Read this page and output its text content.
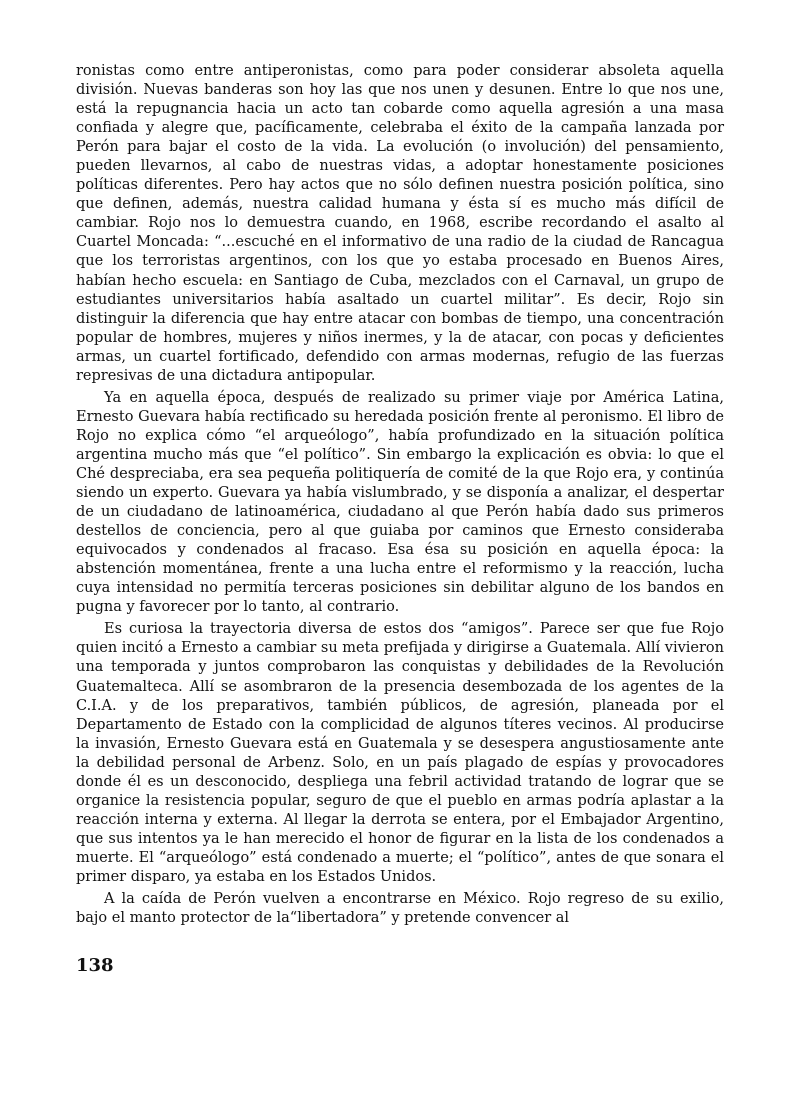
ronistas como entre antiperonistas, como para poder considerar absoleta aquella división. Nuevas banderas son hoy las que nos unen y desunen. Entre lo que nos une, está la repugnancia hacia un acto tan cobarde como aquella agresión a una masa confiada y alegre que, pacíficamente, celebraba el éxito de la campaña lanzada por Perón para bajar el costo de la vida. La evolución (o involución) del pensamiento, pueden llevarnos, al cabo de nuestras vidas, a adoptar honestamente posiciones políticas diferentes. Pero hay actos que no sólo definen nuestra posición política, sino que definen, además, nuestra calidad humana y ésta sí es mucho más difícil de cambiar. Rojo nos lo demuestra cuando, en 1968, escribe recordando el asalto al Cuartel Moncada: “...escuché en el informativo de una radio de la ciudad de Rancagua que los terroristas argentinos, con los que yo estaba procesado en Buenos Aires, habían hecho escuela: en Santiago de Cuba, mezclados con el Carnaval, un grupo de estudiantes universitarios había asaltado un cuartel militar”. Es decir, Rojo sin distinguir la diferencia que hay entre atacar con bombas de tiempo, una concentración popular de hombres, mujeres y niños inermes, y la de atacar, con pocas y deficientes armas, un cuartel fortificado, defendido con armas modernas, refugio de las fuerzas represivas de una dictadura antipopular.

Ya en aquella época, después de realizado su primer viaje por América Latina, Ernesto Guevara había rectificado su heredada posición frente al peronismo. El libro de Rojo no explica cómo “el arqueólogo”, había profundizado en la situación política argentina mucho más que “el político”. Sin embargo la explicación es obvia: lo que el Ché despreciaba, era sea pequeña politiquería de comité de la que Rojo era, y continúa siendo un experto. Guevara ya había vislumbrado, y se disponía a analizar, el despertar de un ciudadano de latinoamérica, ciudadano al que Perón había dado sus primeros destellos de conciencia, pero al que guiaba por caminos que Ernesto consideraba equivocados y condenados al fracaso. Esa ésa su posición en aquella época: la abstención momentánea, frente a una lucha entre el reformismo y la reacción, lucha cuya intensidad no permitía terceras posiciones sin debilitar alguno de los bandos en pugna y favorecer por lo tanto, al contrario.

Es curiosa la trayectoria diversa de estos dos “amigos”. Parece ser que fue Rojo quien incitó a Ernesto a cambiar su meta prefijada y dirigirse a Guatemala. Allí vivieron una temporada y juntos comprobaron las conquistas y debilidades de la Revolución Guatemalteca. Allí se asombraron de la presencia desembozada de los agentes de la C.I.A. y de los preparativos, también públicos, de agresión, planeada por el Departamento de Estado con la complicidad de algunos títeres vecinos. Al producirse la invasión, Ernesto Guevara está en Guatemala y se desespera angustiosamente ante la debilidad personal de Arbenz. Solo, en un país plagado de espías y provocadores donde él es un desconocido, despliega una febril actividad tratando de lograr que se organice la resistencia popular, seguro de que el pueblo en armas podría aplastar a la reacción interna y externa. Al llegar la derrota se entera, por el Embajador Argentino, que sus intentos ya le han merecido el honor de figurar en la lista de los condenados a muerte. El “arqueólogo” está condenado a muerte; el “político”, antes de que sonara el primer disparo, ya estaba en los Estados Unidos.

A la caída de Perón vuelven a encontrarse en México. Rojo regreso de su exilio, bajo el manto protector de la“libertadora” y pretende convencer al

138
